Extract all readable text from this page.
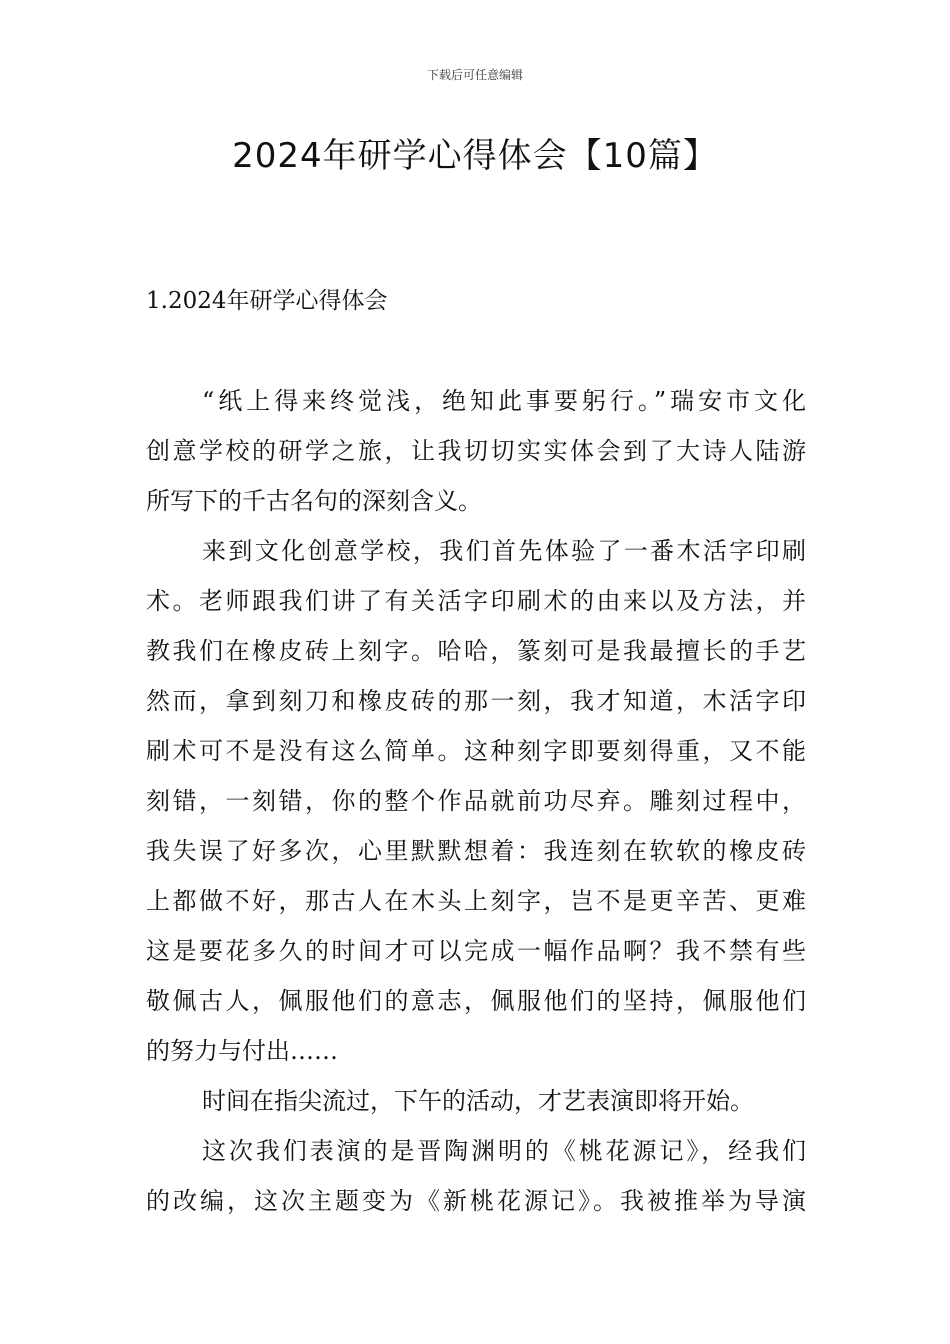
下载后可任意编辑
2024年研学心得体会【10篇】
1.2024年研学心得体会

“纸上得来终觉浅，绝知此事要躬行。”瑞安市文化
创意学校的研学之旅，让我切切实实体会到了大诗人陆游
所写下的千古名句的深刻含义。

来到文化创意学校，我们首先体验了一番木活字印刷
术。老师跟我们讲了有关活字印刷术的由来以及方法，并
教我们在橡皮砖上刻字。哈哈，篆刻可是我最擅长的手艺
然而，拿到刻刀和橡皮砖的那一刻，我才知道，木活字印
刷术可不是没有这么简单。这种刻字即要刻得重，又不能
刻错，一刻错，你的整个作品就前功尽弃。雕刻过程中，
我失误了好多次，心里默默想着：我连刻在软软的橡皮砖
上都做不好，那古人在木头上刻字，岂不是更辛苦、更难
这是要花多久的时间才可以完成一幅作品啊？我不禁有些
敬佩古人，佩服他们的意志，佩服他们的坚持，佩服他们
的努力与付出……

时间在指尖流过，下午的活动，才艺表演即将开始。

这次我们表演的是晋陶渊明的《桃花源记》，经我们
的改编，这次主题变为《新桃花源记》。我被推举为导演
